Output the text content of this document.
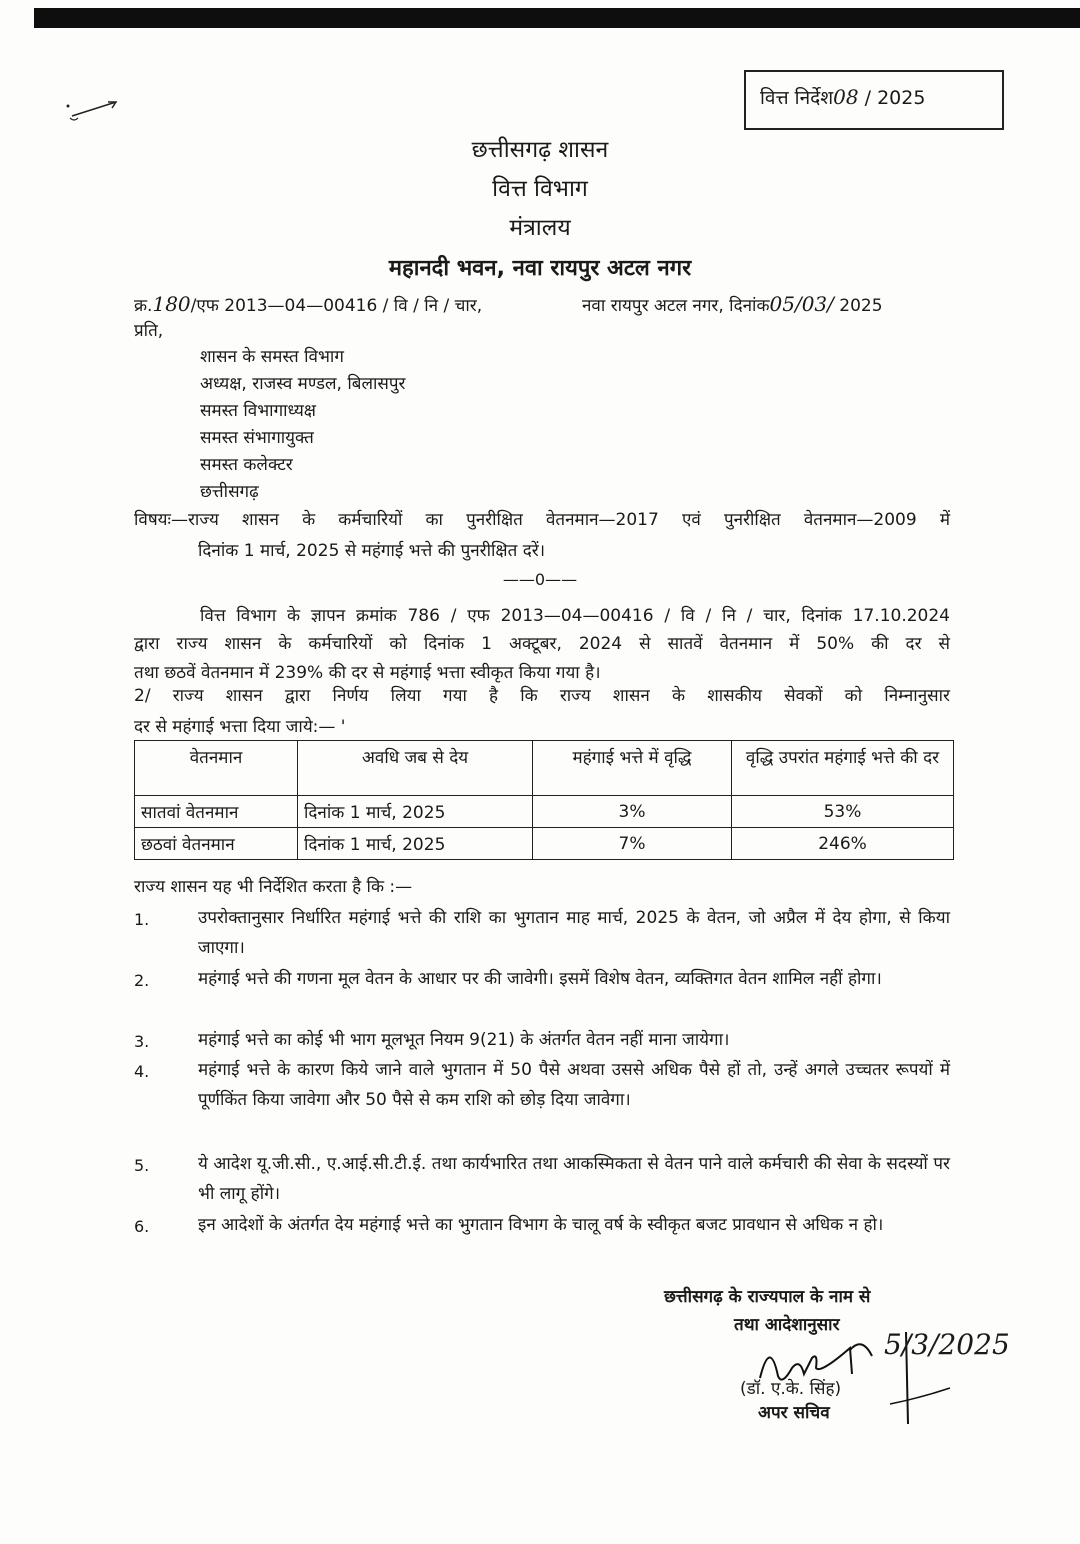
वित्त निर्देश08 / 2025
छत्तीसगढ़ शासन
वित्त विभाग
मंत्रालय
महानदी भवन, नवा रायपुर अटल नगर
क्र.180/एफ 2013—04—00416 / वि / नि / चार,	नवा रायपुर अटल नगर, दिनांक05/03/ 2025
प्रति,
शासन के समस्त विभाग
अध्यक्ष, राजस्व मण्डल, बिलासपुर
समस्त विभागाध्यक्ष
समस्त संभागायुक्त
समस्त कलेक्टर
छत्तीसगढ़
विषयः—राज्य शासन के कर्मचारियों का पुनरीक्षित वेतनमान—2017 एवं पुनरीक्षित वेतनमान—2009 में
दिनांक 1 मार्च, 2025 से महंगाई भत्ते की पुनरीक्षित दरें।
——0——
वित्त विभाग के ज्ञापन क्रमांक 786 / एफ 2013—04—00416 / वि / नि / चार, दिनांक 17.10.2024
द्वारा राज्य शासन के कर्मचारियों को दिनांक 1 अक्टूबर, 2024 से सातवें वेतनमान में 50% की दर से
तथा छठवें वेतनमान में 239% की दर से महंगाई भत्ता स्वीकृत किया गया है।
2/ राज्य शासन द्वारा निर्णय लिया गया है कि राज्य शासन के शासकीय सेवकों को निम्नानुसार
दर से महंगाई भत्ता दिया जाये:— '
वेतनमान	अवधि जब से देय	महंगाई भत्ते में वृद्धि	वृद्धि उपरांत महंगाई भत्ते की दर
सातवां वेतनमान	दिनांक 1 मार्च, 2025	3%	53%
छठवां वेतनमान	दिनांक 1 मार्च, 2025	7%	246%
राज्य शासन यह भी निर्देशित करता है कि :—
1.	उपरोक्तानुसार निर्धारित महंगाई भत्ते की राशि का भुगतान माह मार्च, 2025 के वेतन, जो अप्रैल में देय होगा, से किया जाएगा।
2.	महंगाई भत्ते की गणना मूल वेतन के आधार पर की जावेगी। इसमें विशेष वेतन, व्यक्तिगत वेतन शामिल नहीं होगा।
3.	महंगाई भत्ते का कोई भी भाग मूलभूत नियम 9(21) के अंतर्गत वेतन नहीं माना जायेगा।
4.	महंगाई भत्ते के कारण किये जाने वाले भुगतान में 50 पैसे अथवा उससे अधिक पैसे हों तो, उन्हें अगले उच्चतर रूपयों में पूर्णकिंत किया जावेगा और 50 पैसे से कम राशि को छोड़ दिया जावेगा।
5.	ये आदेश यू.जी.सी., ए.आई.सी.टी.ई. तथा कार्यभारित तथा आकस्मिकता से वेतन पाने वाले कर्मचारी की सेवा के सदस्यों पर भी लागू होंगे।
6.	इन आदेशों के अंतर्गत देय महंगाई भत्ते का भुगतान विभाग के चालू वर्ष के स्वीकृत बजट प्रावधान से अधिक न हो।
छत्तीसगढ़ के राज्यपाल के नाम से
तथा आदेशानुसार
5/3/2025
(डॉ. ए.के. सिंह)
अपर सचिव
